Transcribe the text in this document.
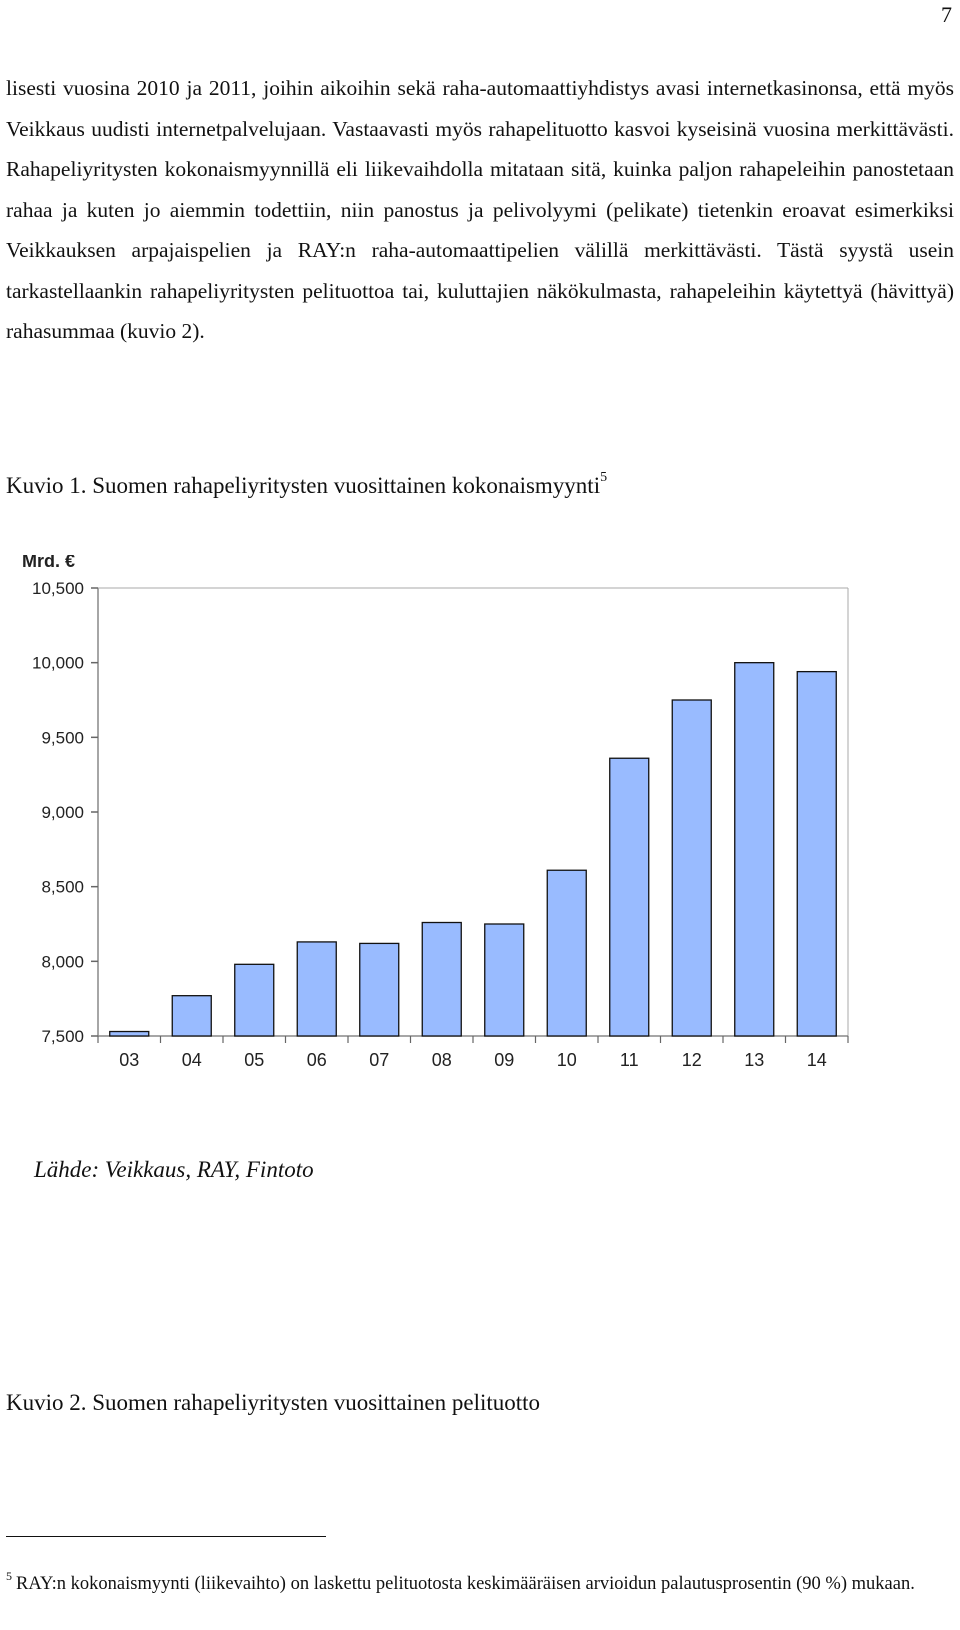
7

lisesti vuosina 2010 ja 2011, joihin aikoihin sekä raha-automaattiyhdistys avasi internetkasinonsa, että myös Veikkaus uudisti internetpalvelujaan. Vastaavasti myös rahapelituotto kasvoi kyseisinä vuosina merkittävästi. Rahapeliyritysten kokonaismyynnillä eli liikevaihdolla mitataan sitä, kuinka paljon rahapeleihin panostetaan rahaa ja kuten jo aiemmin todettiin, niin panostus ja pelivolyymi (pelikate) tietenkin eroavat esimerkiksi Veikkauksen arpajaispelien ja RAY:n raha-automaattipelien välillä merkittävästi. Tästä syystä usein tarkastellaankin rahapeliyritysten pelituottoa tai, kuluttajien näkökulmasta, rahapeleihin käytettyä (hävittyä) rahasummaa (kuvio 2).

Kuvio 1. Suomen rahapeliyritysten vuosittainen kokonaismyynti$^5$
Mrd. €
7,500
8,000
8,500
9,000
9,500
10,000
10,500
03 04 05 06 07 08 09 10 11 12 13 14

Lähde: Veikkaus, RAY, Fintoto

Kuvio 2. Suomen rahapeliyritysten vuosittainen pelituotto

$^5$ RAY:n kokonaismyynti (liikevaihto) on laskettu pelituotosta keskimääräisen arvioidun palautusprosentin (90 %) mukaan.
